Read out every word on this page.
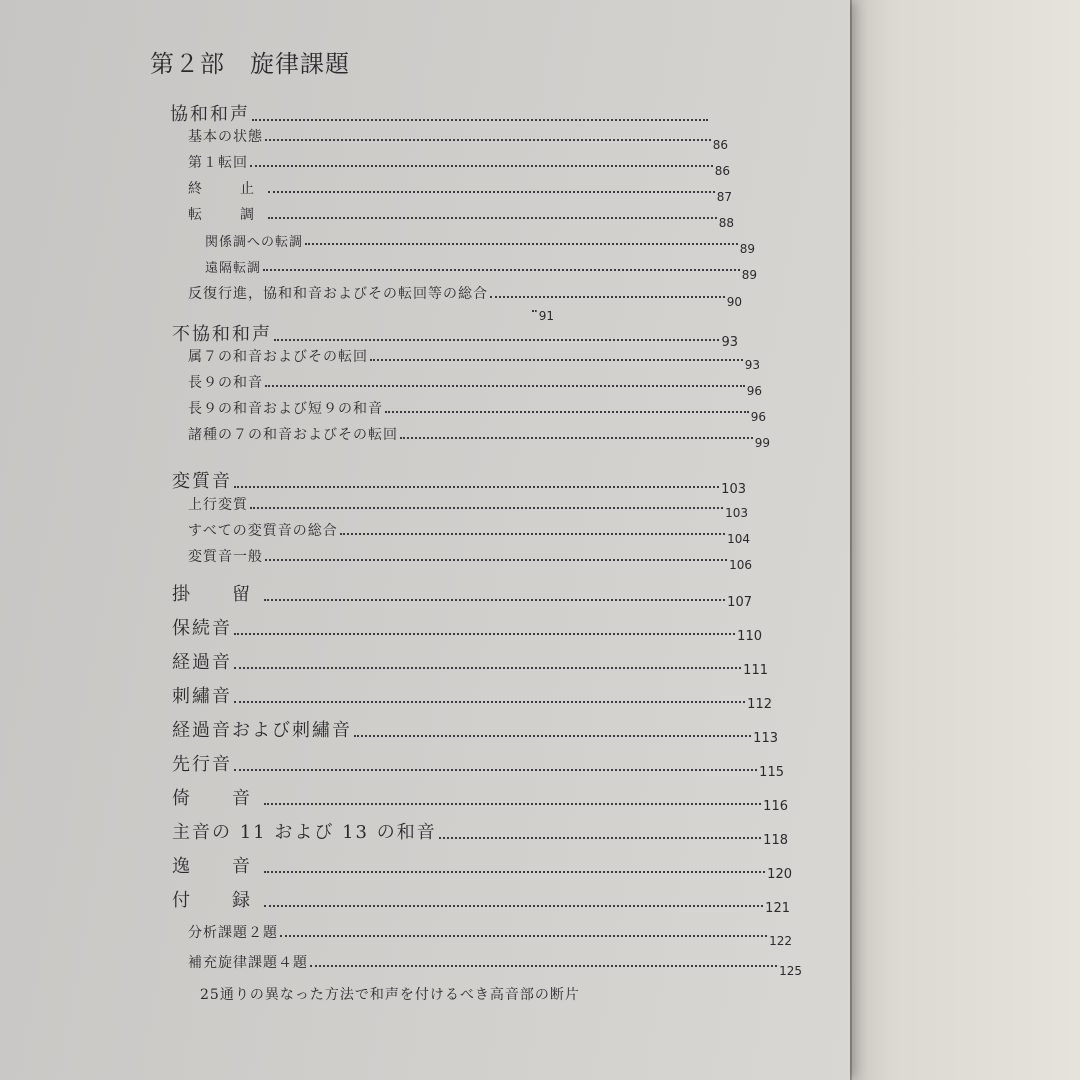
第２部　旋律課題
協和和声
基本の状態	86
第１転回	86
終　止	87
転　調	88
関係調への転調	89
遠隔転調	89
反復行進，協和和音およびその転回等の総合	90
91
不協和和声	93
属７の和音およびその転回	93
長９の和音	96
長９の和音および短９の和音	96
諸種の７の和音およびその転回	99
変質音	103
上行変質	103
すべての変質音の総合	104
変質音一般	106
掛　留	107
保続音	110
経過音	111
刺繡音	112
経過音および刺繡音	113
先行音	115
倚　音	116
主音の 11 および 13 の和音	118
逸　音	120
付　録	121
分析課題２題	122
補充旋律課題４題	125
25通りの異なった方法で和声を付けるべき高音部の断片
